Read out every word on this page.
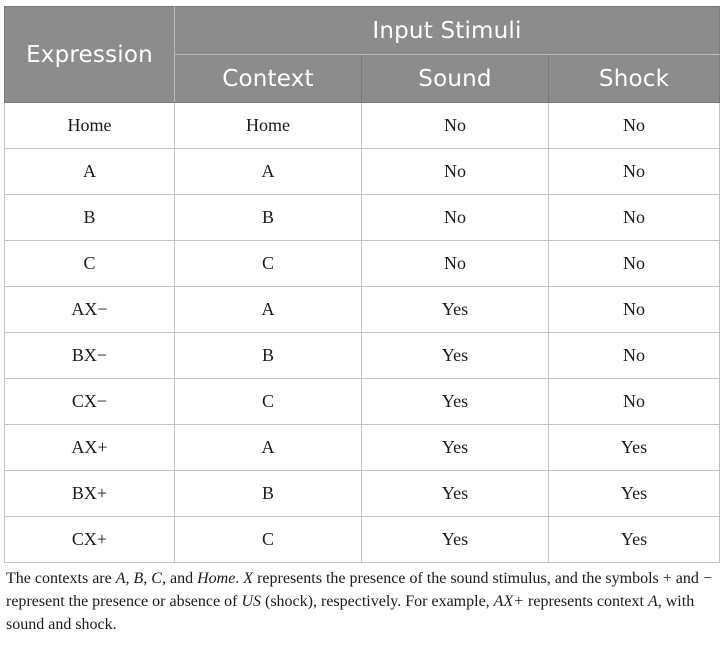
Expression	Input Stimuli		
	Context	Sound	Shock
Home	Home	No	No
A	A	No	No
B	B	No	No
C	C	No	No
AX−	A	Yes	No
BX−	B	Yes	No
CX−	C	Yes	No
AX+	A	Yes	Yes
BX+	B	Yes	Yes
CX+	C	Yes	Yes

The contexts are A, B, C, and Home. X represents the presence of the sound stimulus, and the symbols + and − represent the presence or absence of US (shock), respectively. For example, AX+ represents context A, with sound and shock.
